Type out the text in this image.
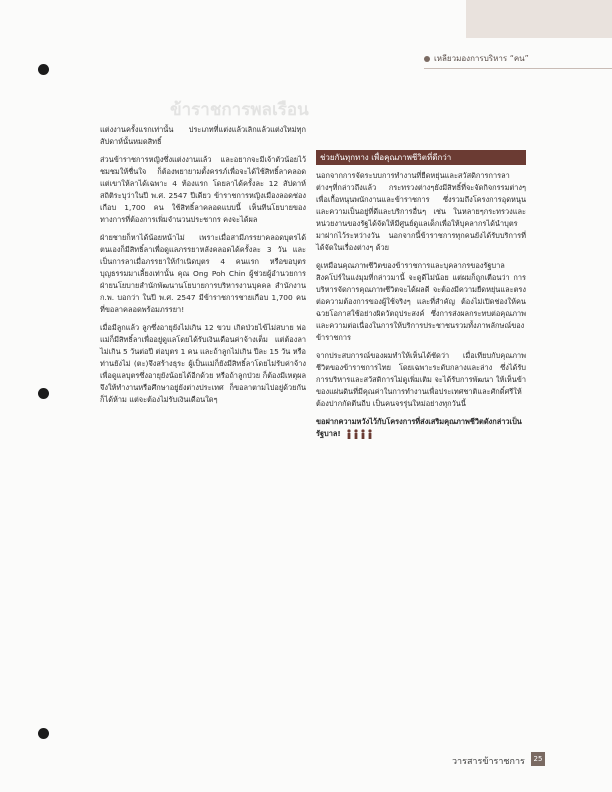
เหลียวมองการบริหาร “คน”
ข้าราชการพลเรือน

แต่งงานครั้งแรกเท่านั้น ประเภทที่แต่งแล้วเลิกแล้วแต่งใหม่ทุกสัปดาห์นั้นหมดสิทธิ์

ส่วนข้าราชการหญิงซึ่งแต่งงานแล้ว และอยากจะมีเจ้าตัวน้อยไว้ชมชมให้ชื่นใจ ก็ต้องพยายามตั้งครรภ์เพื่อจะได้ใช้สิทธิ์ลาคลอด แต่เขาให้ลาได้เฉพาะ 4 ท้องแรก โดยลาได้ครั้งละ 12 สัปดาห์ สถิติระบุว่าในปี พ.ศ. 2547 ปีเดียว ข้าราชการหญิงเมืองลอดช่องเกือบ 1,700 คน ใช้สิทธิ์ลาคลอดแบบนี้ เห็นทีนโยบายของทางการที่ต้องการเพิ่มจำนวนประชากร คงจะได้ผล

ฝ่ายชายก็หาได้น้อยหน้าไม่ เพราะเมื่อสามีภรรยาคลอดบุตรได้ ตนเองก็มีสิทธิ์ลาเพื่อดูแลภรรยาหลังคลอดได้ครั้งละ 3 วัน และเป็นการลาเมื่อภรรยาให้กำเนิดบุตร 4 คนแรก หรือขอบุตรบุญธรรมมาเลี้ยงเท่านั้น คุณ Ong Poh Chin ผู้ช่วยผู้อำนวยการฝ่ายนโยบายสำนักพัฒนานโยบายการบริหารงานบุคคล สำนักงาน ก.พ. บอกว่า ในปี พ.ศ. 2547 มีข้าราชการชายเกือบ 1,700 คน ที่ขอลาคลอดพร้อมภรรยา!

เมื่อมีลูกแล้ว ลูกซึ่งอายุยังไม่เกิน 12 ขวบ เกิดป่วยไข้ไม่สบาย พ่อแม่ก็มีสิทธิ์ลาเพื่ออยู่ดูแลโดยได้รับเงินเดือนค่าจ้างเต็ม แต่ต้องลาไม่เกิน 5 วันต่อปี ต่อบุตร 1 คน และถ้าลูกไม่เกิน ปีละ 15 วัน หรือท่านยังไม่ (ตะ)จึงสร้างธุระ ผู้เป็นแม่ก็ยังมีสิทธิ์ลาโดยไม่รับค่าจ้าง เพื่อดูแลบุตรซึ่งอายุยังน้อยได้อีกด้วย หรือถ้าลูกป่วย ก็ต้องมีเหตุผลจึงให้ทำงานหรือศึกษาอยู่ยังต่างประเทศ ก็ขอลาตามไปอยู่ด้วยกันก็ได้ห้าม แต่จะต้องไม่รับเงินเดือนใดๆ

ช่วยกันทุกทาง เพื่อคุณภาพชีวิตที่ดีกว่า

นอกจากการจัดระบบการทำงานที่ยืดหยุ่นและสวัสดิการการลาต่างๆที่กล่าวถึงแล้ว กระทรวงต่างๆยังมีสิทธิ์ที่จะจัดกิจกรรมต่างๆเพื่อเกื้อหนุนพนักงานและข้าราชการ ซึ่งรวมถึงโครงการอุดหนุนและความเป็นอยู่ที่ดีและบริการอื่นๆ เช่น ในหลายๆกระทรวงและหน่วยงานของรัฐได้จัดให้มีศูนย์ดูแลเด็กเพื่อให้บุคลากรได้นำบุตรมาฝากไว้ระหว่างวัน นอกจากนี้ข้าราชการทุกคนยังได้รับบริการที่ได้จัดในเรื่องต่างๆ ด้วย

ดูเหมือนคุณภาพชีวิตของข้าราชการและบุคลากรของรัฐบาลสิงคโปร์ในแง่มุมที่กล่าวมานี้ จะดูดีไม่น้อย แต่ผมก็ถูกเตือนว่า การบริหารจัดการคุณภาพชีวิตจะได้ผลดี จะต้องมีความยืดหยุ่นและตรงต่อความต้องการของผู้ใช้จริงๆ และที่สำคัญ ต้องไม่เปิดช่องให้คนฉวยโอกาสใช้อย่างผิดวัตถุประสงค์ ซึ่งการส่งผลกระทบต่อคุณภาพและความต่อเนื่องในการให้บริการประชาชนรวมทั้งภาพลักษณ์ของข้าราชการ

จากประสบการณ์ของผมทำให้เห็นได้ชัดว่า เมื่อเทียบกับคุณภาพชีวิตของข้าราชการไทย โดยเฉพาะระดับกลางและล่าง ซึ่งได้รับการบริหารและสวัสดิการไม่ดูเพิ่มเติม จะได้รับการพัฒนา ให้เห็นข้าของแผ่นดินที่มีคุณค่าในการทำงานเพื่อประเทศชาติและศักดิ์ศรีให้ต้องปากกัดตีนถีบ เป็นคนจรรุ่นใหม่อย่างทุกวันนี้

ขอฝากความหวังไว้กับโครงการที่ส่งเสริมคุณภาพชีวิตดังกล่าวเป็นรัฐบาล!

วารสารข้าราชการ	25
